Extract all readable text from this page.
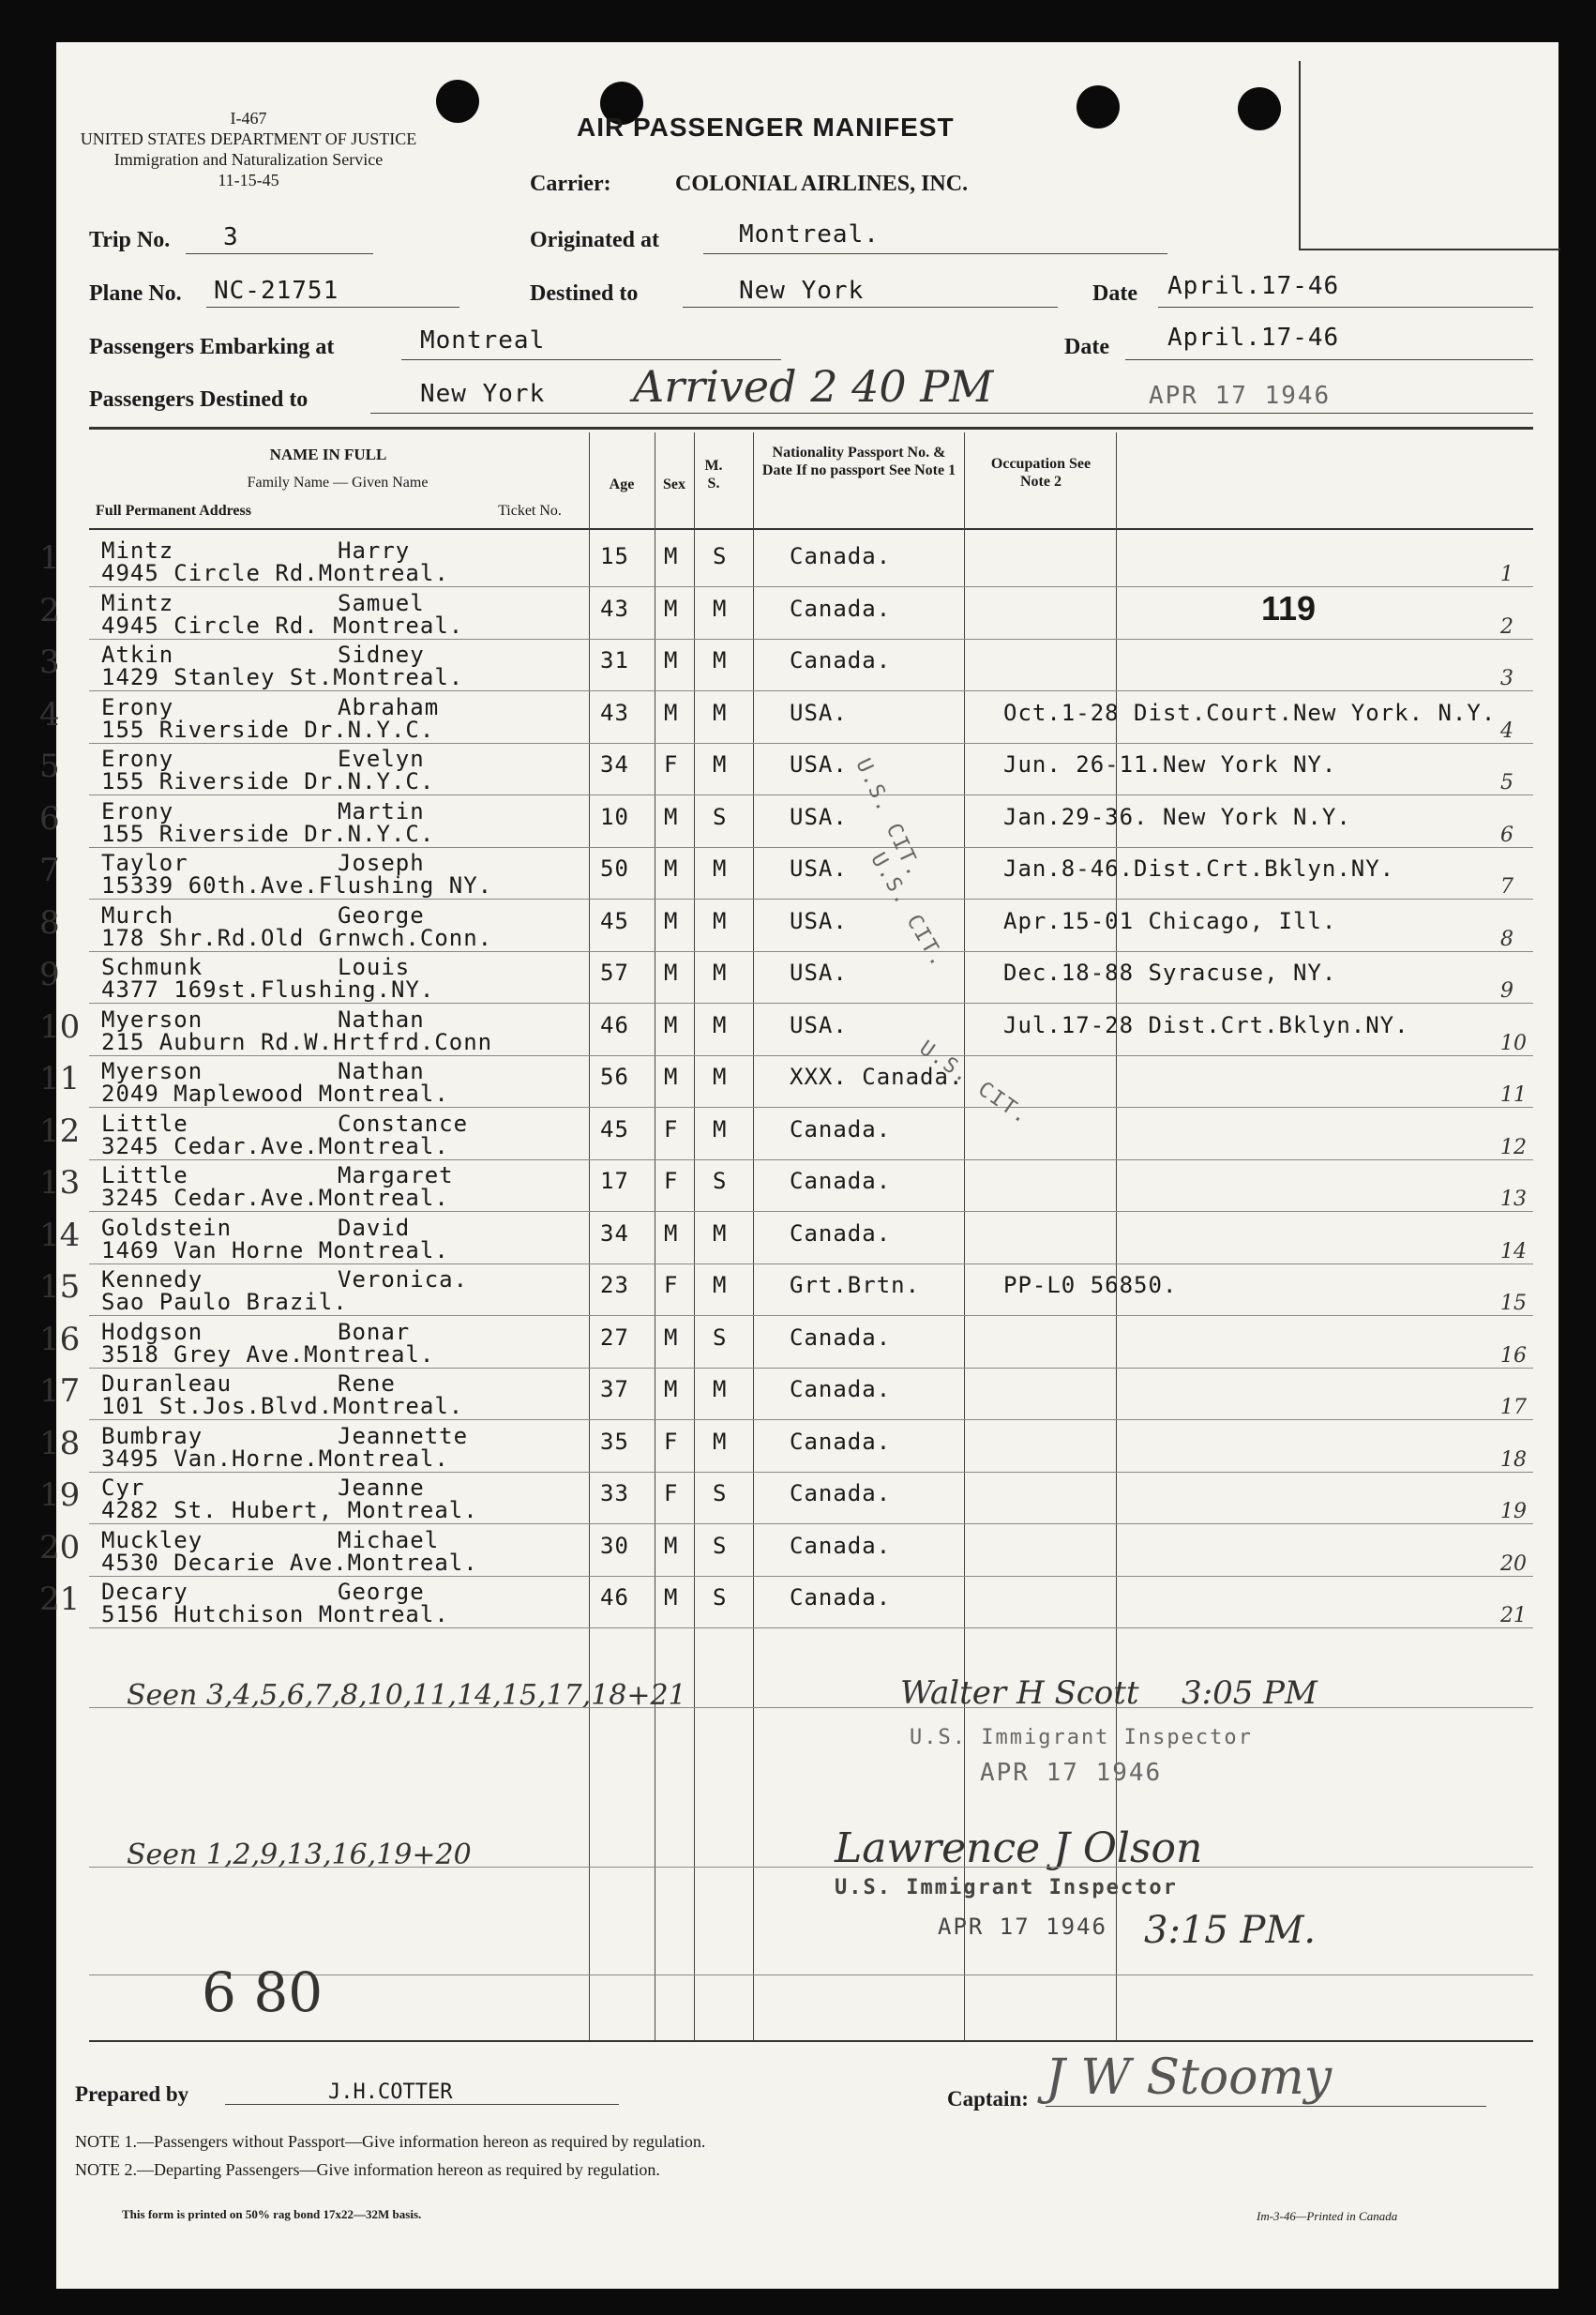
I-467
UNITED STATES DEPARTMENT OF JUSTICE
Immigration and Naturalization Service
11-15-45
AIR PASSENGER MANIFEST
Carrier:	COLONIAL AIRLINES, INC.
Trip No. 3	Originated at	Montreal.
Plane No. NC-21751	Destined to	New York	Date April.17-46
Passengers Embarking at	Montreal	Date April.17-46
Passengers Destined to	New York Arrived 2 40 PM	APR 17 1946
NAME IN FULL
Family Name — Given Name
Full Permanent Address	Ticket No.
Age	Sex
M. S.
Nationality Passport No. & Date If no passport See Note 1	Occupation See Note 2
1 Mintz	Harry
4945 Circle Rd.Montreal.
15 M S	Canada.
1
2 Mintz	Samuel
4945 Circle Rd. Montreal.
43 M M	Canada.
2
3 Atkin	Sidney
1429 Stanley St.Montreal.
31 M M	Canada.
3
4 Erony	Abraham
155 Riverside Dr.N.Y.C.
43 M M	USA.	Oct.1-28 Dist.Court.New York. N.Y.
4
5 Erony	Evelyn
155 Riverside Dr.N.Y.C.
34 F M	USA.	Jun. 26-11.New York NY.
5
6 Erony	Martin
155 Riverside Dr.N.Y.C.
10 M S	USA.	Jan.29-36. New York N.Y.
6
7 Taylor	Joseph
15339 60th.Ave.Flushing NY.
50 M M	USA.	Jan.8-46.Dist.Crt.Bklyn.NY.
7
8 Murch	George
178 Shr.Rd.Old Grnwch.Conn.
45 M M	USA.	Apr.15-01 Chicago, Ill.
8
9 Schmunk	Louis
4377 169st.Flushing.NY.
57 M M	USA.	Dec.18-88 Syracuse, NY.
9
10 Myerson	Nathan
215 Auburn Rd.W.Hrtfrd.Conn
46 M M	USA.	Jul.17-28 Dist.Crt.Bklyn.NY.
10
11 Myerson	Nathan
2049 Maplewood Montreal.
56 M M	XXX. Canada.
11
12 Little	Constance
3245 Cedar.Ave.Montreal.
45 F M	Canada.
12
13 Little	Margaret
3245 Cedar.Ave.Montreal.
17 F S	Canada.
13
14 Goldstein	David
1469 Van Horne Montreal.
34 M M	Canada.
14
15 Kennedy	Veronica.
Sao Paulo Brazil.
23 F M	Grt.Brtn.	PP-L0 56850.
15
16 Hodgson	Bonar
3518 Grey Ave.Montreal.
27 M S	Canada.
16
17 Duranleau	Rene
101 St.Jos.Blvd.Montreal.
37 M M	Canada.
17
18 Bumbray	Jeannette
3495 Van.Horne.Montreal.
35 F M	Canada.
18
19 Cyr	Jeanne
4282 St. Hubert, Montreal.
33 F S	Canada.
19
20 Muckley	Michael
4530 Decarie Ave.Montreal.
30 M S	Canada.
20
21 Decary	George
5156 Hutchison Montreal.
46 M S	Canada.
21
119
U.S. CIT.
U.S. CIT.
U.S. CIT.
Seen 3,4,5,6,7,8,10,11,14,15,17,18+21	Walter H Scott 3:05 PM
U.S. Immigrant Inspector
APR 17 1946
Seen 1,2,9,13,16,19+20	Lawrence J Olson
U.S. Immigrant Inspector
APR 17 1946 3:15 PM.
6 80
Prepared by	J.H.COTTER	Captain: J W Stoomy
NOTE 1.—Passengers without Passport—Give information hereon as required by regulation.
NOTE 2.—Departing Passengers—Give information hereon as required by regulation.
This form is printed on 50% rag bond 17x22—32M basis.	Im-3-46—Printed in Canada
